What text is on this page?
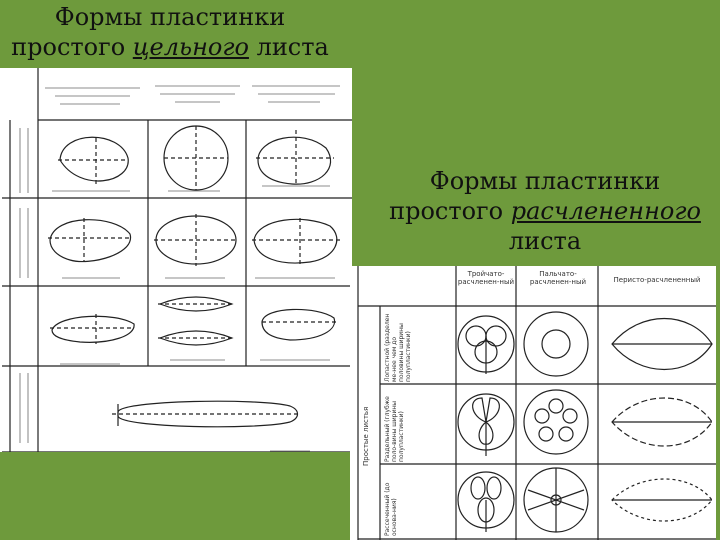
Формы пластинки
простого цельного листа
Формы пластинки
простого расчлененного
листа
Тройчато-расчленен-ный
Пальчато-расчленен-ный	Перисто-расчлененный
Простые листья
Лопастной (разделен ме-нее чем до половины ширины полупластинки)
Раздельный (глубже поло-вины ширины полупластинки)
Рассеченный (до основа-ния)
